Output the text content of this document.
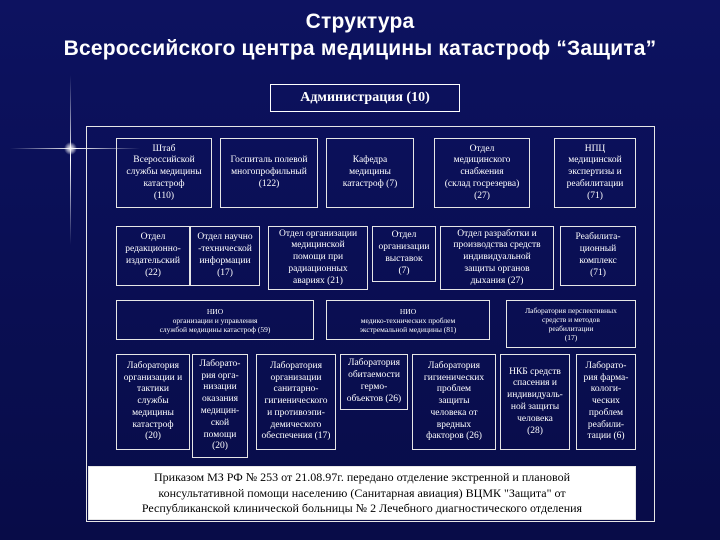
Структура
Всероссийского центра медицины катастроф “Защита”
Администрация (10)
Штаб
Всероссийской
службы медицины
катастроф
(110)
Госпиталь полевой
многопрофильный
(122)
Кафедра
медицины
катастроф (7)
Отдел
медицинского
снабжения
(склад госрезерва)
(27)
НПЦ
медицинской
экспертизы и
реабилитации
(71)
Отдел
редакционно-
издательский
(22)
Отдел научно
-технической
информации
(17)
Отдел организации
медицинской
помощи при
радиационных
авариях (21)
Отдел
организации
выставок
(7)
Отдел разработки и
производства средств
индивидуальной
защиты органов
дыхания (27)
Реабилита-
ционный
комплекс
(71)
НИО
организации и управления
службой медицины катастроф (59)
НИО
медико-технических проблем
экстремальной медицины (81)
Лаборатория перспективных
средств и методов
реабилитации
(17)
Лаборатория
организации и
тактики
службы
медицины
катастроф
(20)
Лаборато-
рия орга-
низации
оказания
медицин-
ской
помощи
(20)
Лаборатория
организации
санитарно-
гигиенического
и противоэпи-
демического
обеспечения (17)
Лаборатория
обитаемости
гермо-
объектов (26)
Лаборатория
гигиенических
проблем
защиты
человека от
вредных
факторов (26)
НКБ средств
спасения и
индивидуаль-
ной защиты
человека
(28)
Лаборато-
рия фарма-
кологи-
ческих
проблем
реабили-
тации (6)
Приказом МЗ РФ № 253 от 21.08.97г. передано отделение экстренной и плановой
консультативной помощи населению (Санитарная авиация) ВЦМК "Защита" от
Республиканской клинической больницы № 2 Лечебного диагностического отделения
